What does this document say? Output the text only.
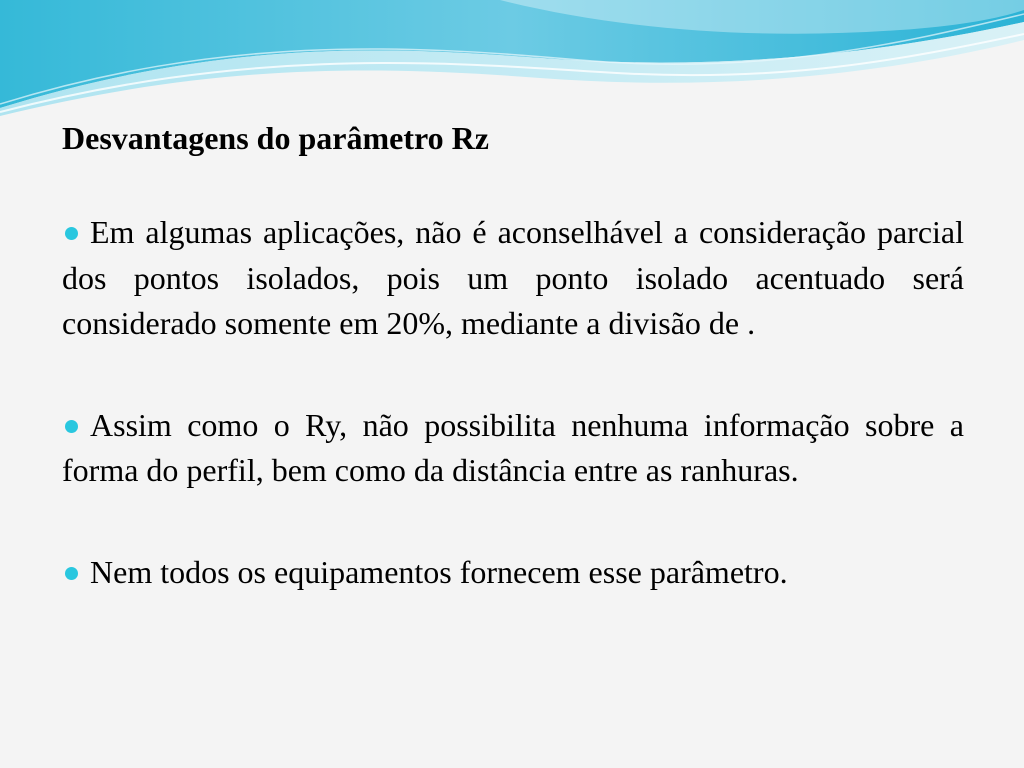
Desvantagens do parâmetro Rz
Em algumas aplicações, não é aconselhável a consideração parcial dos pontos isolados, pois um ponto isolado acentuado será considerado somente em 20%, mediante a divisão de .
Assim como o Ry, não possibilita nenhuma informação sobre a forma do perfil, bem como da distância entre as ranhuras.
Nem todos os equipamentos fornecem esse parâmetro.
